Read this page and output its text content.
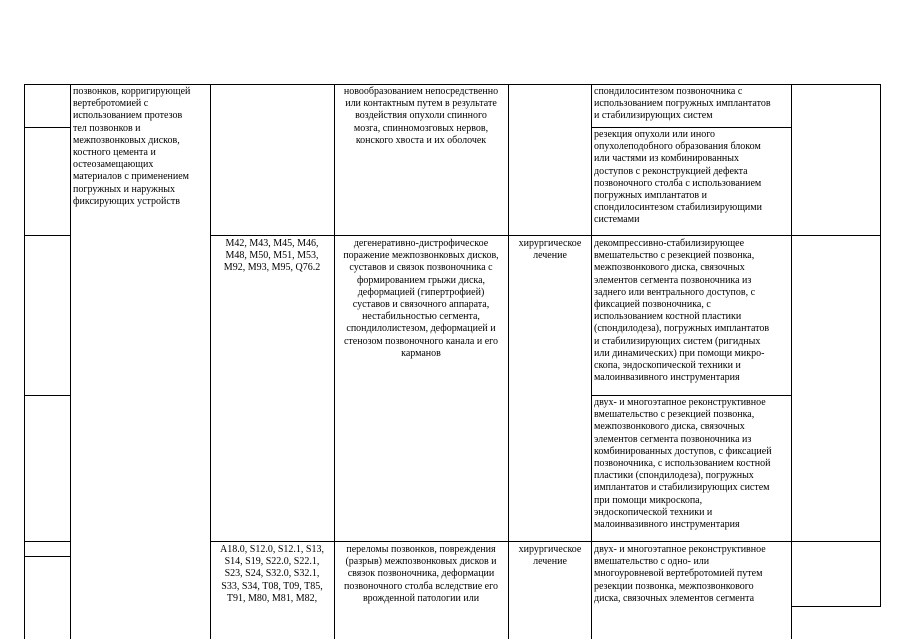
позвонков, корригирующей
вертебротомией с
использованием протезов
тел позвонков и
межпозвонковых дисков,
костного цемента и
остеозамещающих
материалов с применением
погружных и наружных
фиксирующих устройств
новообразованием непосредственно
или контактным путем в результате
воздействия опухоли спинного
мозга, спинномозговых нервов,
конского хвоста и их оболочек
спондилосинтезом позвоночника с
использованием погружных имплантатов
и стабилизирующих систем
резекция опухоли или иного
опухолеподобного образования блоком
или частями из комбинированных
доступов с реконструкцией дефекта
позвоночного столба с использованием
погружных имплантатов и
спондилосинтезом стабилизирующими
системами
M42, M43, M45, M46,
M48, M50, M51, M53,
M92, M93, M95, Q76.2
дегенеративно-дистрофическое
поражение межпозвонковых дисков,
суставов и связок позвоночника с
формированием грыжи диска,
деформацией (гипертрофией)
суставов и связочного аппарата,
нестабильностью сегмента,
спондилолистезом, деформацией и
стенозом позвоночного канала и его
карманов
хирургическое
лечение
декомпрессивно-стабилизирующее
вмешательство с резекцией позвонка,
межпозвонкового диска, связочных
элементов сегмента позвоночника из
заднего или вентрального доступов, с
фиксацией позвоночника, с
использованием костной пластики
(спондилодеза), погружных имплантатов
и стабилизирующих систем (ригидных
или динамических) при помощи микро-
скопа, эндоскопической техники и
малоинвазивного инструментария
двух- и многоэтапное реконструктивное
вмешательство с резекцией позвонка,
межпозвонкового диска, связочных
элементов сегмента позвоночника из
комбинированных доступов, с фиксацией
позвоночника, с использованием костной
пластики (спондилодеза), погружных
имплантатов и стабилизирующих систем
при помощи микроскопа,
эндоскопической техники и
малоинвазивного инструментария
A18.0, S12.0, S12.1, S13,
S14, S19, S22.0, S22.1,
S23, S24, S32.0, S32.1,
S33, S34, T08, T09, T85,
T91, M80, M81, M82,
переломы позвонков, повреждения
(разрыв) межпозвонковых дисков и
связок позвоночника, деформации
позвоночного столба вследствие его
врожденной патологии или
хирургическое
лечение
двух- и многоэтапное реконструктивное
вмешательство с одно- или
многоуровневой вертебротомией путем
резекции позвонка, межпозвонкового
диска, связочных элементов сегмента
